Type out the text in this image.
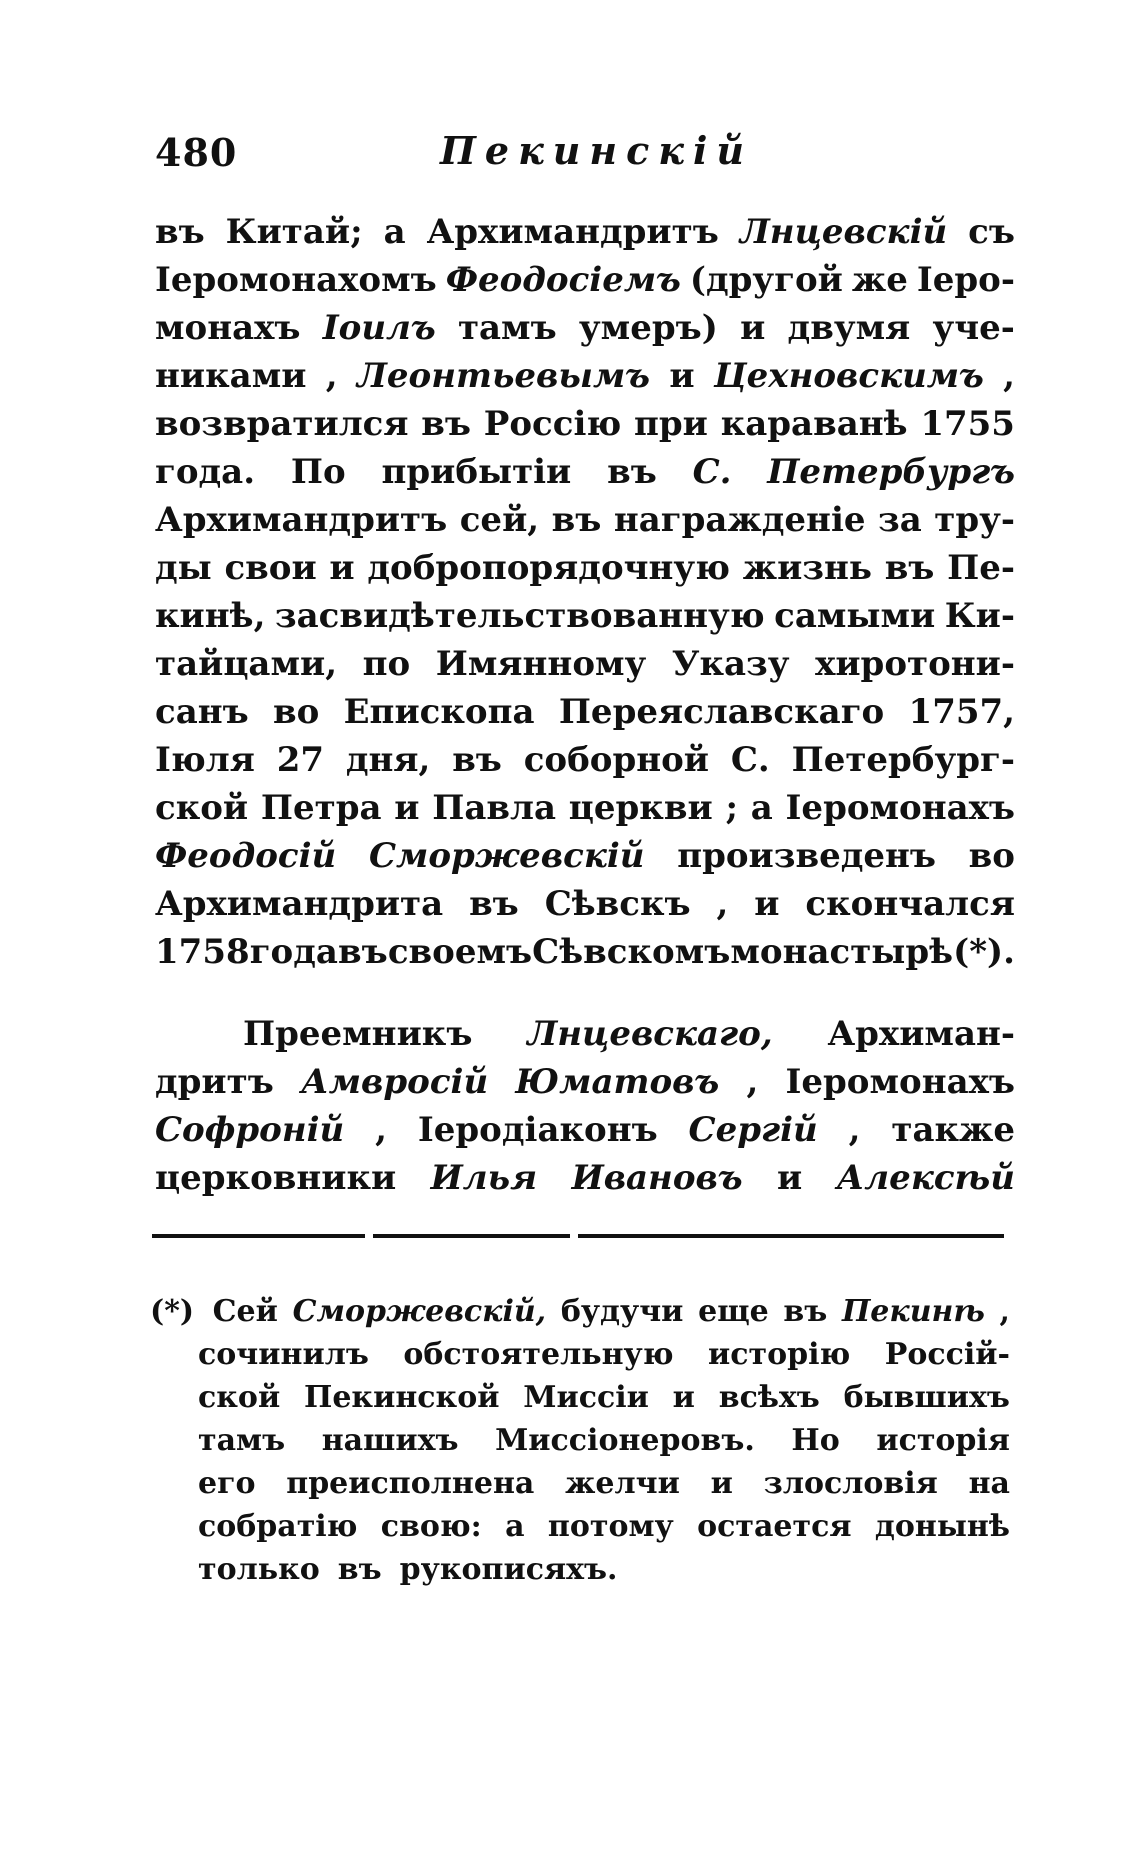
480	Пекинскій
въ Китай; а Архимандритъ Лнцевскій съ
Іеромонахомъ Феодосіемъ (другой же Іеро-
монахъ Іоилъ тамъ умеръ) и двумя уче-
никами , Леонтьевымъ и Цехновскимъ ,
возвратился въ Россію при караванѣ 1755
года. По прибытіи въ С. Петербургъ
Архимандритъ сей, въ награжденіе за тру-
ды свои и добропорядочную жизнь въ Пе-
кинѣ, засвидѣтельствованную самыми Ки-
тайцами, по Имянному Указу хиротони-
санъ во Епископа Переяславскаго 1757,
Іюля 27 дня, въ соборной С. Петербург-
ской Петра и Павла церкви ; а Іеромонахъ
Феодосій Сморжевскій произведенъ во
Архимандрита въ Сѣвскъ , и скончался
1758 года въ своемъ Сѣвскомъ монастырѣ (*).
Преемникъ Лнцевскаго, Архиман-
дритъ Амвросій Юматовъ , Іеромонахъ
Софроній , Іеродіаконъ Сергій , также
церковники Илья Ивановъ и Алексѣй
(*) Сей Сморжевскій, будучи еще въ Пекинѣ ,
сочинилъ обстоятельную исторію Россій-
ской Пекинской Миссіи и всѣхъ бывшихъ
тамъ нашихъ Миссіонеровъ. Но исторія
его преисполнена желчи и злословія на
собратію свою: а потому остается донынѣ
только въ рукописяхъ.
